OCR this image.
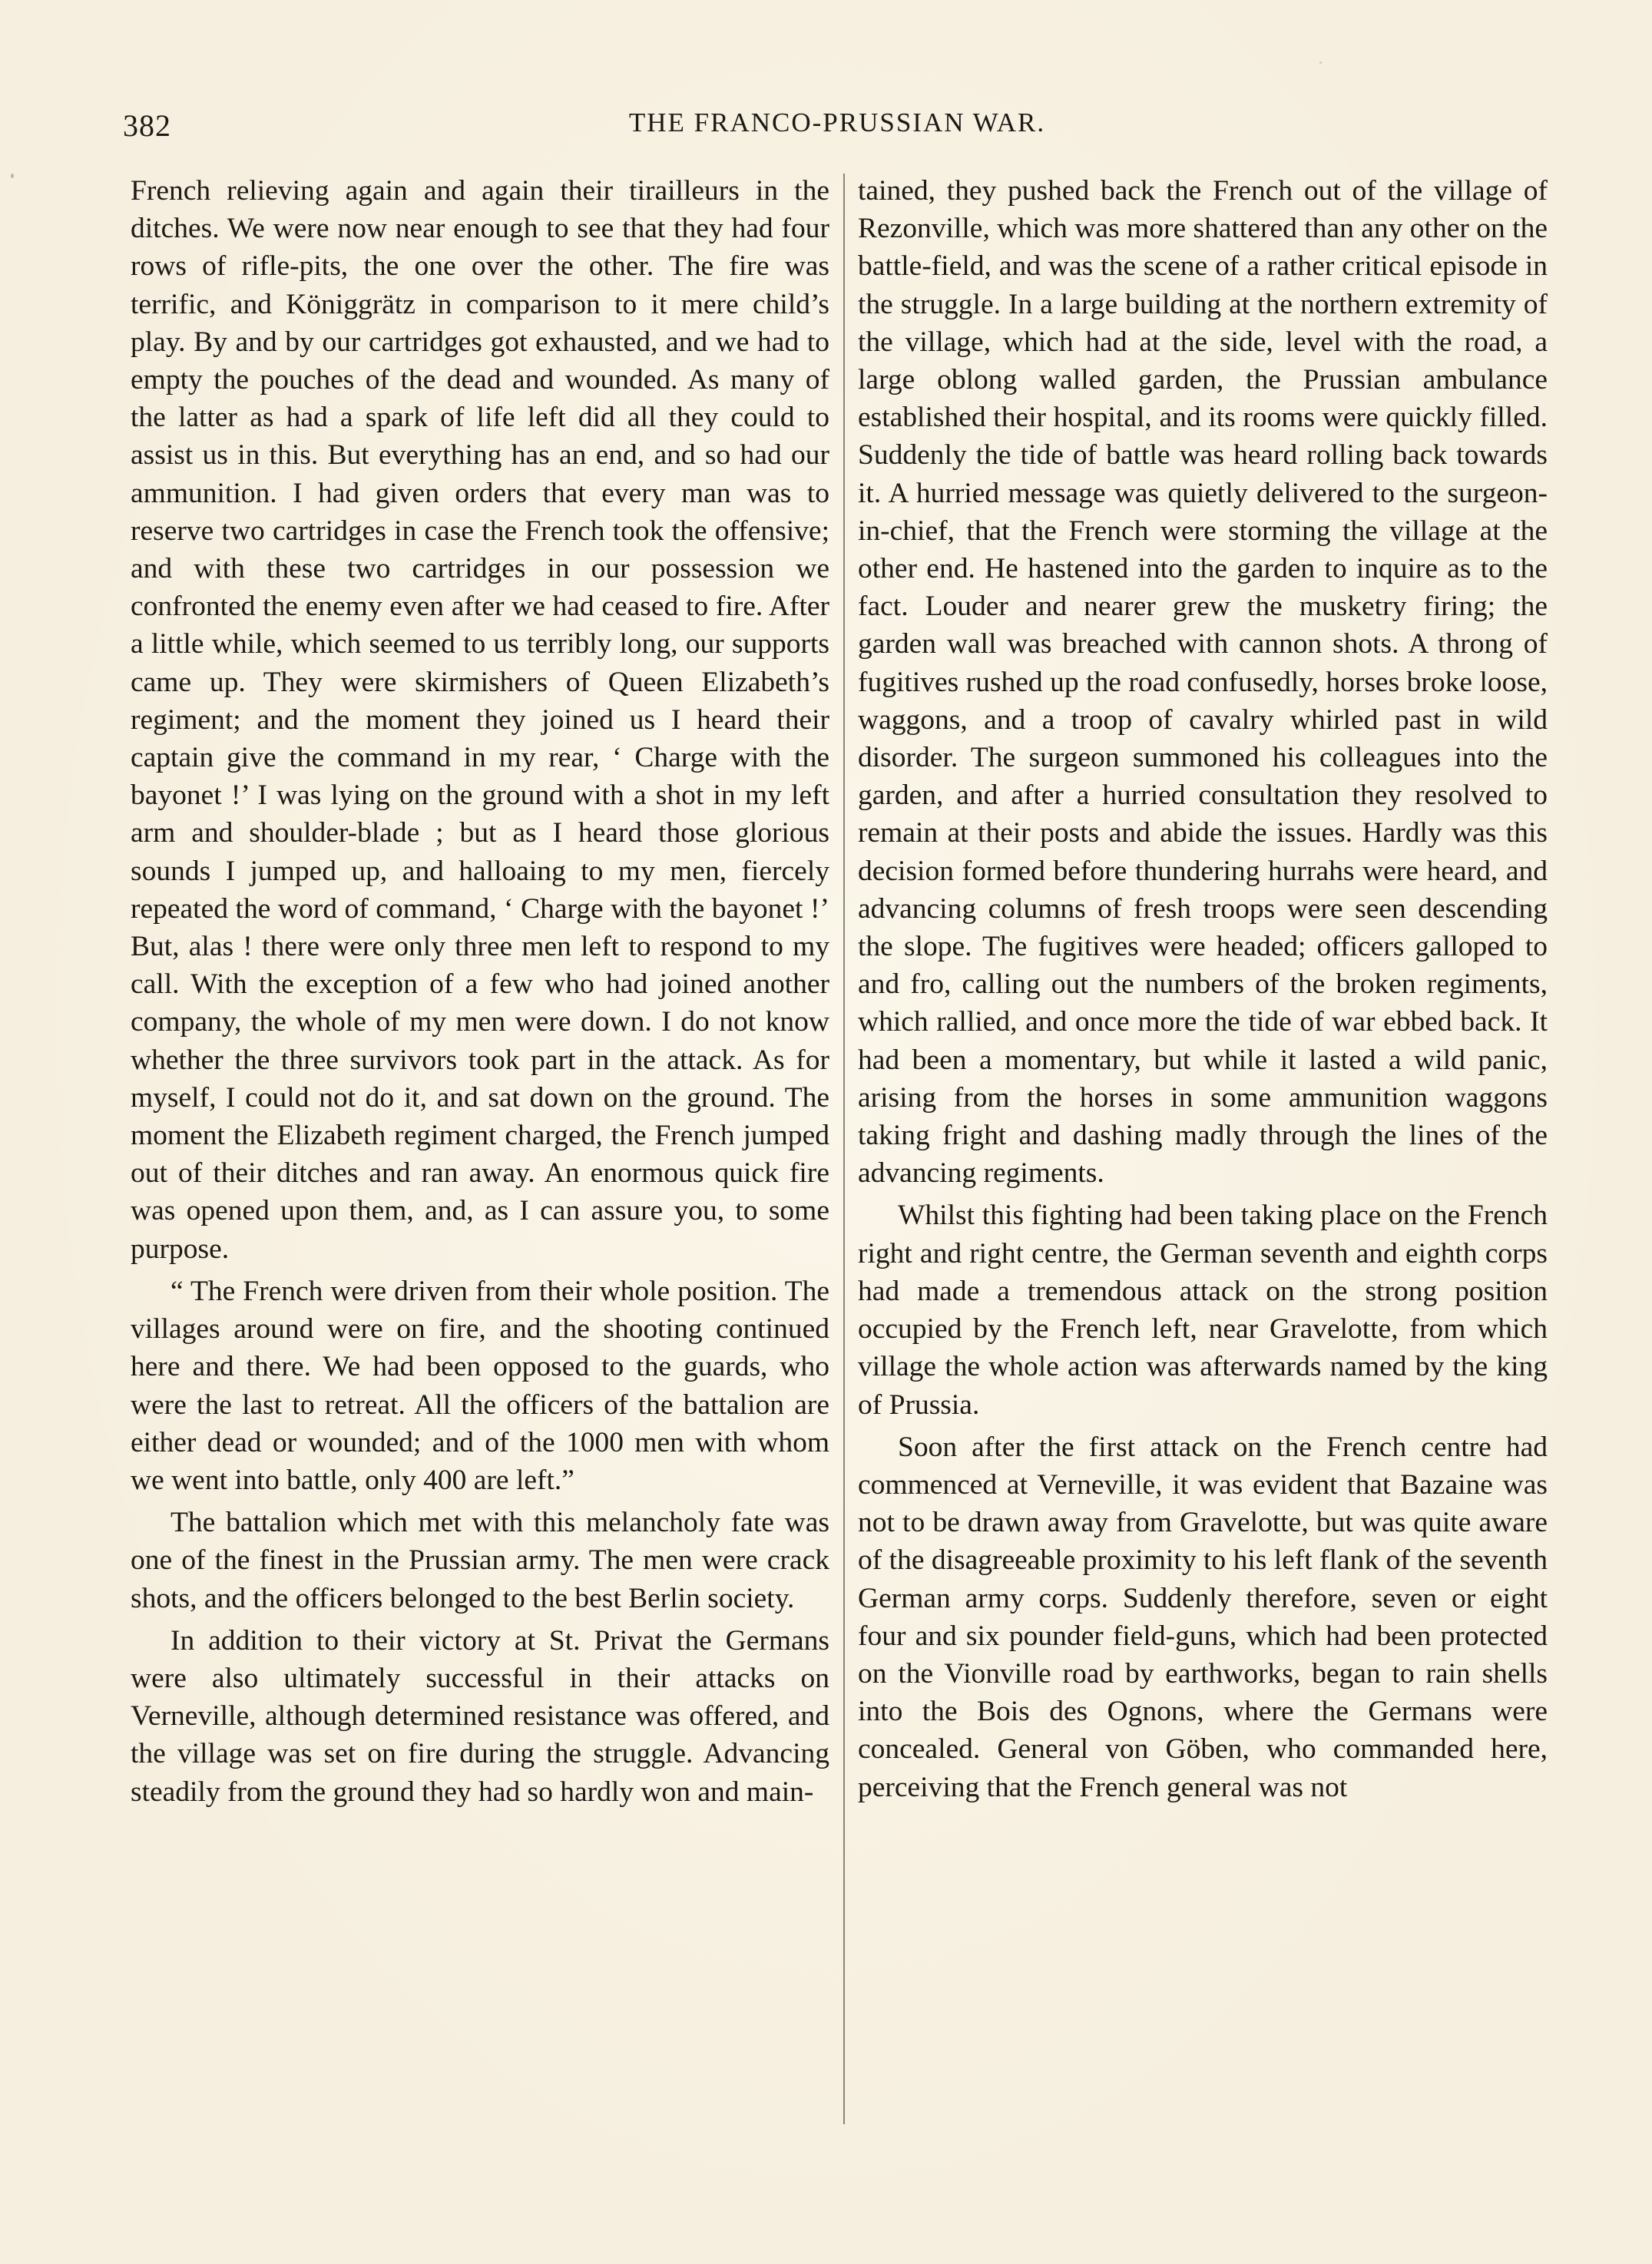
382	THE FRANCO-PRUSSIAN WAR.

French relieving again and again their tirailleurs in the ditches. We were now near enough to see that they had four rows of rifle-pits, the one over the other. The fire was terrific, and Königgrätz in comparison to it mere child’s play. By and by our cartridges got exhausted, and we had to empty the pouches of the dead and wounded. As many of the latter as had a spark of life left did all they could to assist us in this. But everything has an end, and so had our ammunition. I had given orders that every man was to reserve two cartridges in case the French took the offensive; and with these two cartridges in our possession we confronted the enemy even after we had ceased to fire. After a little while, which seemed to us terribly long, our supports came up. They were skirmishers of Queen Elizabeth’s regiment; and the moment they joined us I heard their captain give the command in my rear, ‘ Charge with the bayonet !’ I was lying on the ground with a shot in my left arm and shoulder-blade ; but as I heard those glorious sounds I jumped up, and halloaing to my men, fiercely repeated the word of command, ‘ Charge with the bayonet !’ But, alas ! there were only three men left to respond to my call. With the exception of a few who had joined another company, the whole of my men were down. I do not know whether the three survivors took part in the attack. As for myself, I could not do it, and sat down on the ground. The moment the Elizabeth regiment charged, the French jumped out of their ditches and ran away. An enormous quick fire was opened upon them, and, as I can assure you, to some purpose.

“ The French were driven from their whole position. The villages around were on fire, and the shooting continued here and there. We had been opposed to the guards, who were the last to retreat. All the officers of the battalion are either dead or wounded; and of the 1000 men with whom we went into battle, only 400 are left.”

The battalion which met with this melancholy fate was one of the finest in the Prussian army. The men were crack shots, and the officers belonged to the best Berlin society.

In addition to their victory at St. Privat the Germans were also ultimately successful in their attacks on Verneville, although determined resistance was offered, and the village was set on fire during the struggle. Advancing steadily from the ground they had so hardly won and main-

tained, they pushed back the French out of the village of Rezonville, which was more shattered than any other on the battle-field, and was the scene of a rather critical episode in the struggle. In a large building at the northern extremity of the village, which had at the side, level with the road, a large oblong walled garden, the Prussian ambulance established their hospital, and its rooms were quickly filled. Suddenly the tide of battle was heard rolling back towards it. A hurried message was quietly delivered to the surgeon-in-chief, that the French were storming the village at the other end. He hastened into the garden to inquire as to the fact. Louder and nearer grew the musketry firing; the garden wall was breached with cannon shots. A throng of fugitives rushed up the road confusedly, horses broke loose, waggons, and a troop of cavalry whirled past in wild disorder. The surgeon summoned his colleagues into the garden, and after a hurried consultation they resolved to remain at their posts and abide the issues. Hardly was this decision formed before thundering hurrahs were heard, and advancing columns of fresh troops were seen descending the slope. The fugitives were headed; officers galloped to and fro, calling out the numbers of the broken regiments, which rallied, and once more the tide of war ebbed back. It had been a momentary, but while it lasted a wild panic, arising from the horses in some ammunition waggons taking fright and dashing madly through the lines of the advancing regiments.

Whilst this fighting had been taking place on the French right and right centre, the German seventh and eighth corps had made a tremendous attack on the strong position occupied by the French left, near Gravelotte, from which village the whole action was afterwards named by the king of Prussia.

Soon after the first attack on the French centre had commenced at Verneville, it was evident that Bazaine was not to be drawn away from Gravelotte, but was quite aware of the disagreeable proximity to his left flank of the seventh German army corps. Suddenly therefore, seven or eight four and six pounder field-guns, which had been protected on the Vionville road by earthworks, began to rain shells into the Bois des Ognons, where the Germans were concealed. General von Göben, who commanded here, perceiving that the French general was not
